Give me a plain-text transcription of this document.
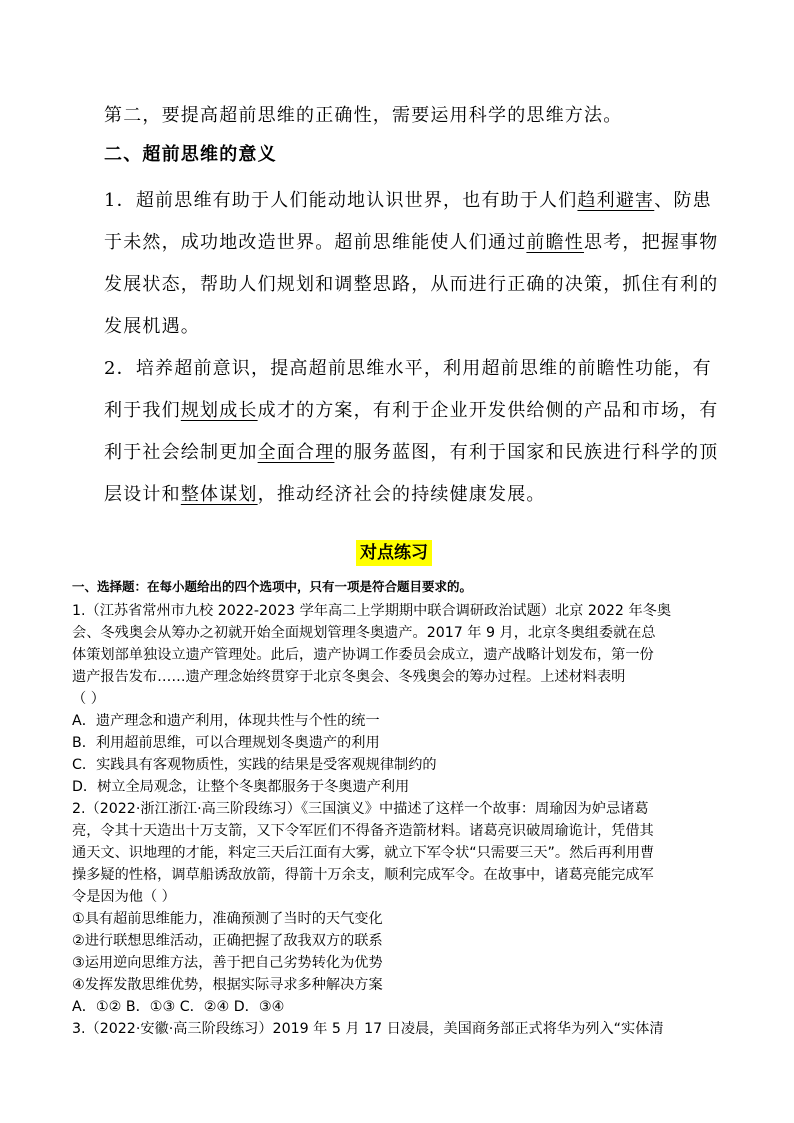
第二，要提高超前思维的正确性，需要运用科学的思维方法。
二、超前思维的意义
1．超前思维有助于人们能动地认识世界，也有助于人们趋利避害、防患于未然，成功地改造世界。超前思维能使人们通过前瞻性思考，把握事物发展状态，帮助人们规划和调整思路，从而进行正确的决策，抓住有利的发展机遇。
2．培养超前意识，提高超前思维水平，利用超前思维的前瞻性功能，有利于我们规划成长成才的方案，有利于企业开发供给侧的产品和市场，有利于社会绘制更加全面合理的服务蓝图，有利于国家和民族进行科学的顶层设计和整体谋划，推动经济社会的持续健康发展。
对点练习
一、选择题：在每小题给出的四个选项中，只有一项是符合题目要求的。
1.（江苏省常州市九校 2022-2023 学年高二上学期期中联合调研政治试题）北京 2022 年冬奥
会、冬残奥会从筹办之初就开始全面规划管理冬奥遗产。2017 年 9 月，北京冬奥组委就在总
体策划部单独设立遗产管理处。此后，遗产协调工作委员会成立，遗产战略计划发布，第一份
遗产报告发布……遗产理念始终贯穿于北京冬奥会、冬残奥会的筹办过程。上述材料表明
（ ）
A．遗产理念和遗产利用，体现共性与个性的统一
B．利用超前思维，可以合理规划冬奥遗产的利用
C．实践具有客观物质性，实践的结果是受客观规律制约的
D．树立全局观念，让整个冬奥都服务于冬奥遗产利用
2.（2022·浙江浙江·高三阶段练习）《三国演义》中描述了这样一个故事：周瑜因为妒忌诸葛
亮，令其十天造出十万支箭，又下令军匠们不得备齐造箭材料。诸葛亮识破周瑜诡计，凭借其
通天文、识地理的才能，料定三天后江面有大雾，就立下军令状“只需要三天”。然后再利用曹
操多疑的性格，调草船诱敌放箭，得箭十万余支，顺利完成军令。在故事中，诸葛亮能完成军
令是因为他（ ）
①具有超前思维能力，准确预测了当时的天气变化
②进行联想思维活动，正确把握了敌我双方的联系
③运用逆向思维方法，善于把自己劣势转化为优势
④发挥发散思维优势，根据实际寻求多种解决方案
A．①② B．①③ C．②④ D．③④
3.（2022·安徽·高三阶段练习）2019 年 5 月 17 日凌晨，美国商务部正式将华为列入“实体清
